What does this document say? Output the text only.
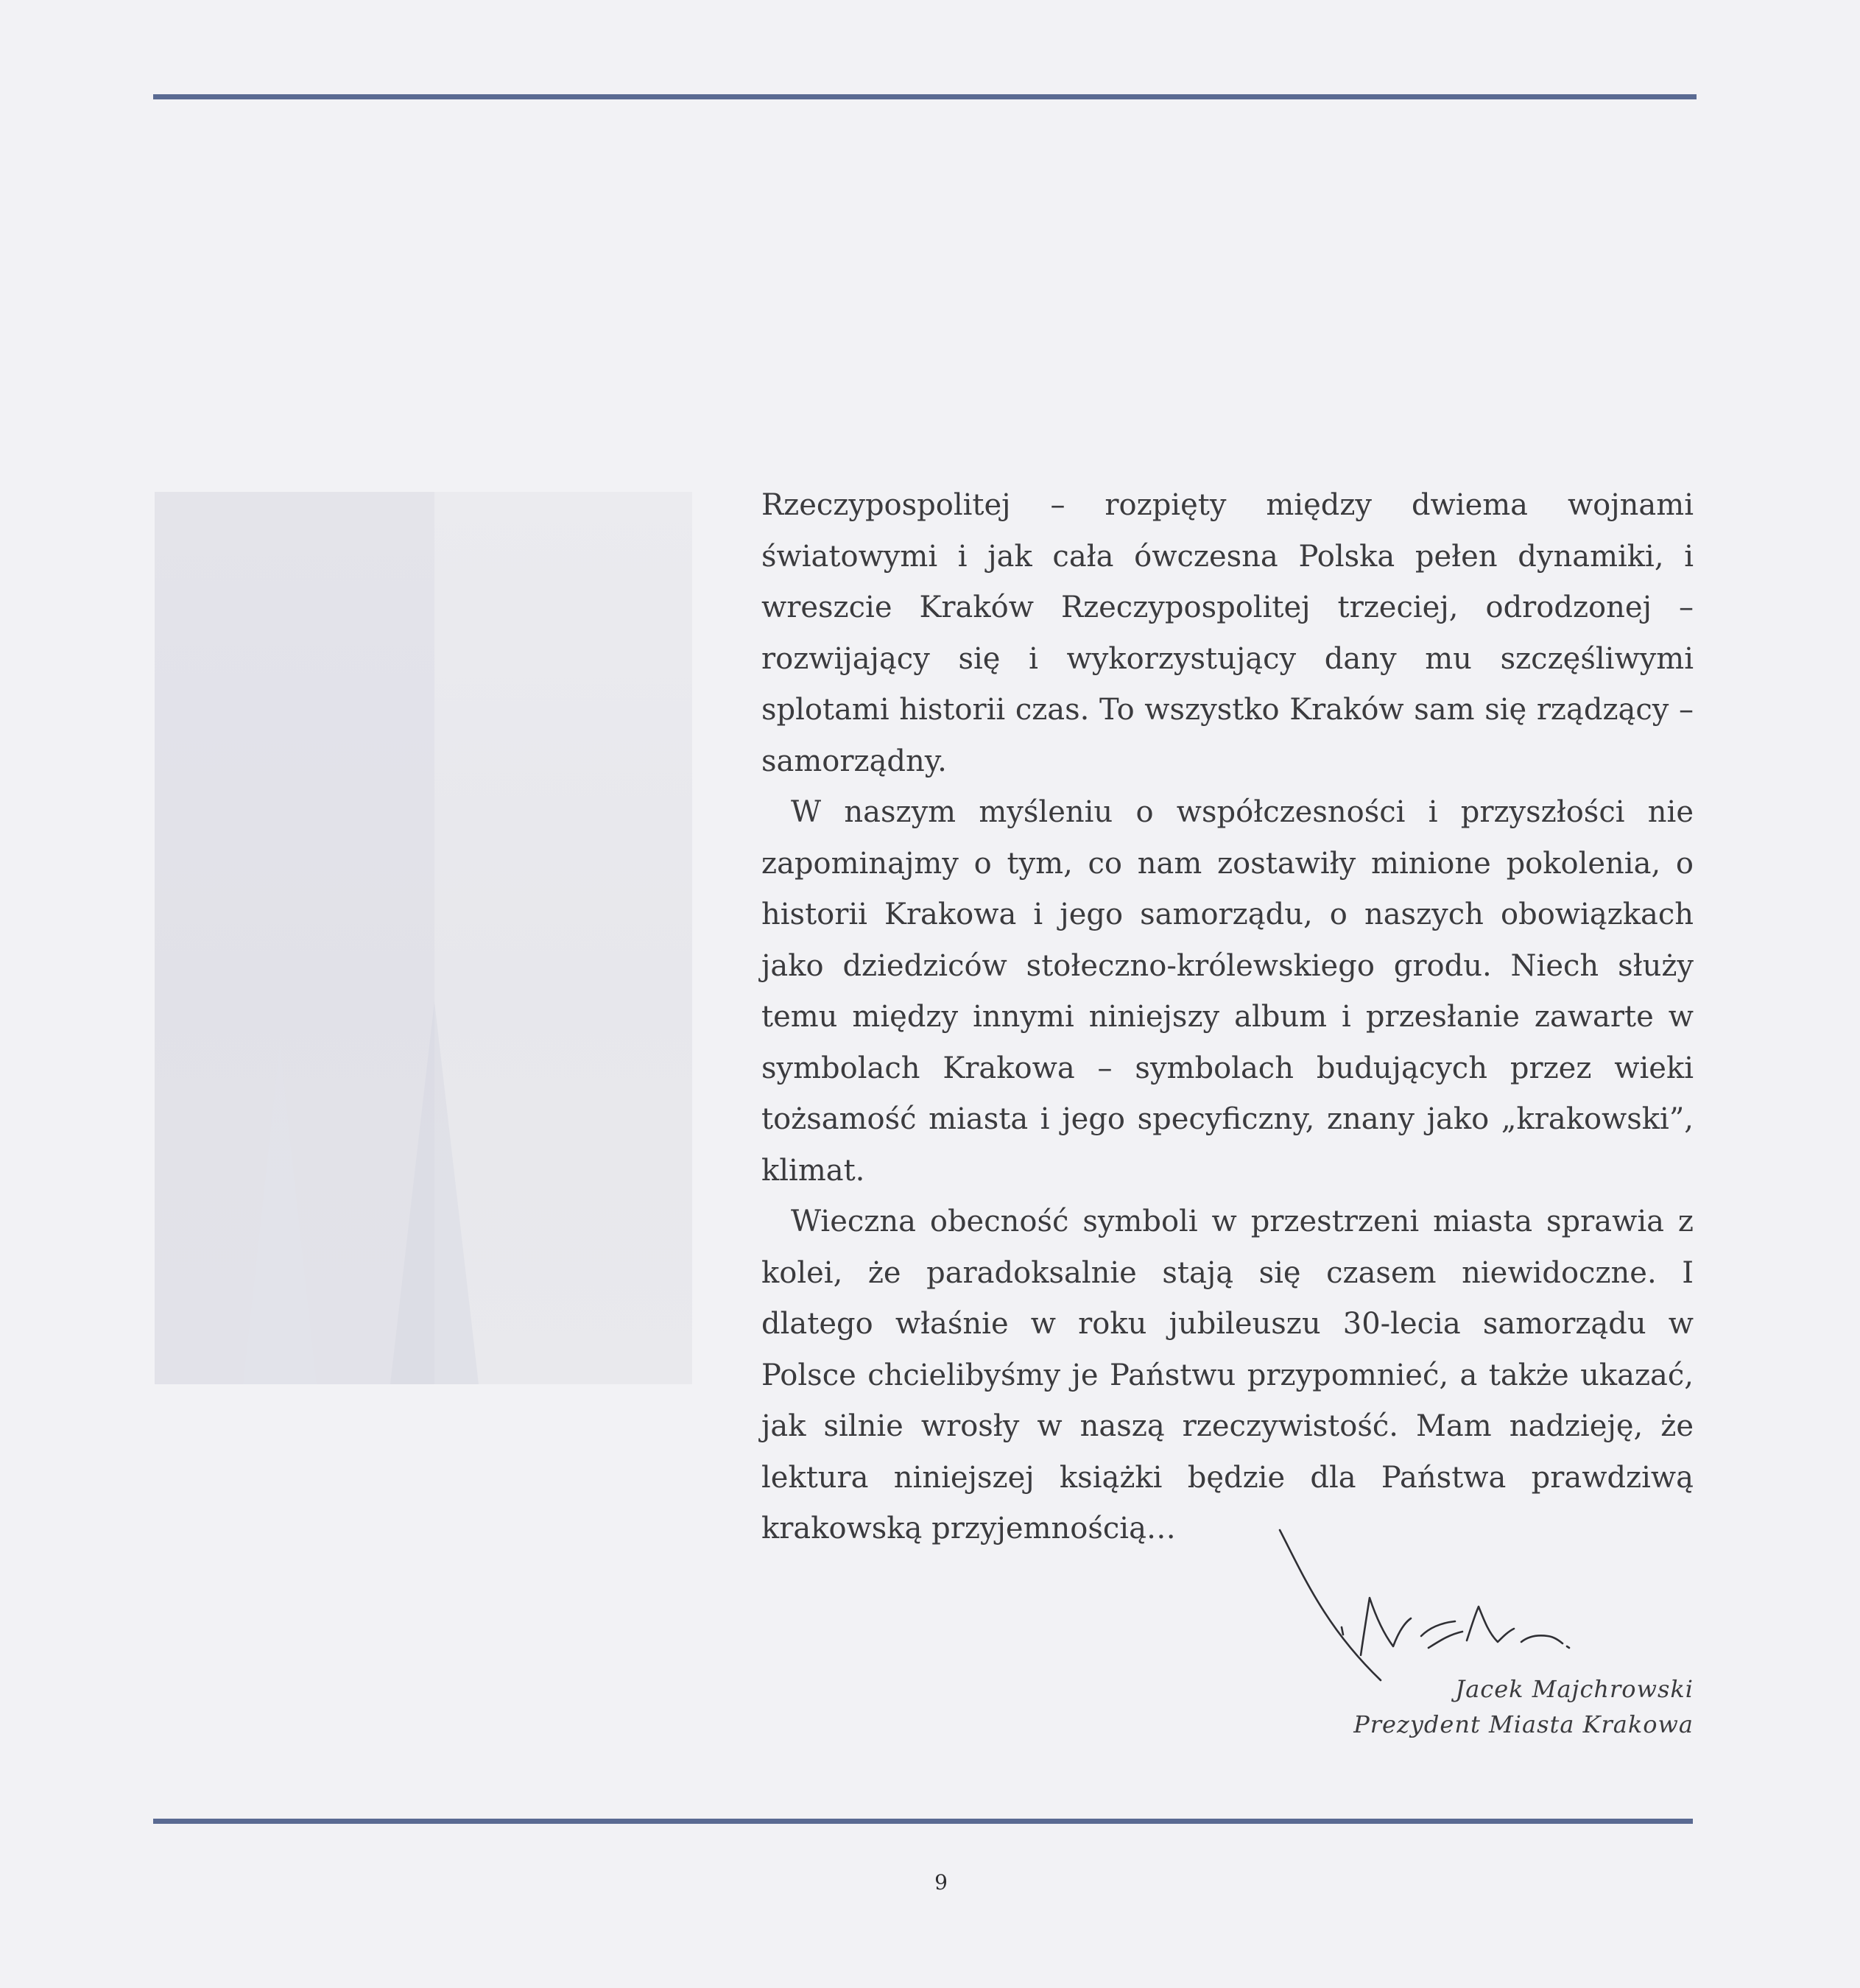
Rzeczypospolitej – rozpięty między dwiema wojnami światowymi i jak cała ówczesna Polska pełen dynamiki, i wreszcie Kraków Rzeczypospolitej trzeciej, odrodzonej – rozwijający się i wykorzystujący dany mu szczęśliwymi splotami historii czas. To wszystko Kraków sam się rządzący – samorządny.

W naszym myśleniu o współczesności i przyszłości nie zapominajmy o tym, co nam zostawiły minione pokolenia, o historii Krakowa i jego samorządu, o naszych obowiązkach jako dziedziców stołeczno-królewskiego grodu. Niech służy temu między innymi niniejszy album i przesłanie zawarte w symbolach Krakowa – symbolach budujących przez wieki tożsamość miasta i jego specyficzny, znany jako „krakowski”, klimat.

Wieczna obecność symboli w przestrzeni miasta sprawia z kolei, że paradoksalnie stają się czasem niewidoczne. I dlatego właśnie w roku jubileuszu 30-lecia samorządu w Polsce chcielibyśmy je Państwu przypomnieć, a także ukazać, jak silnie wrosły w naszą rzeczywistość. Mam nadzieję, że lektura niniejszej książki będzie dla Państwa prawdziwą krakowską przyjemnością…

Jacek Majchrowski
Prezydent Miasta Krakowa
9
